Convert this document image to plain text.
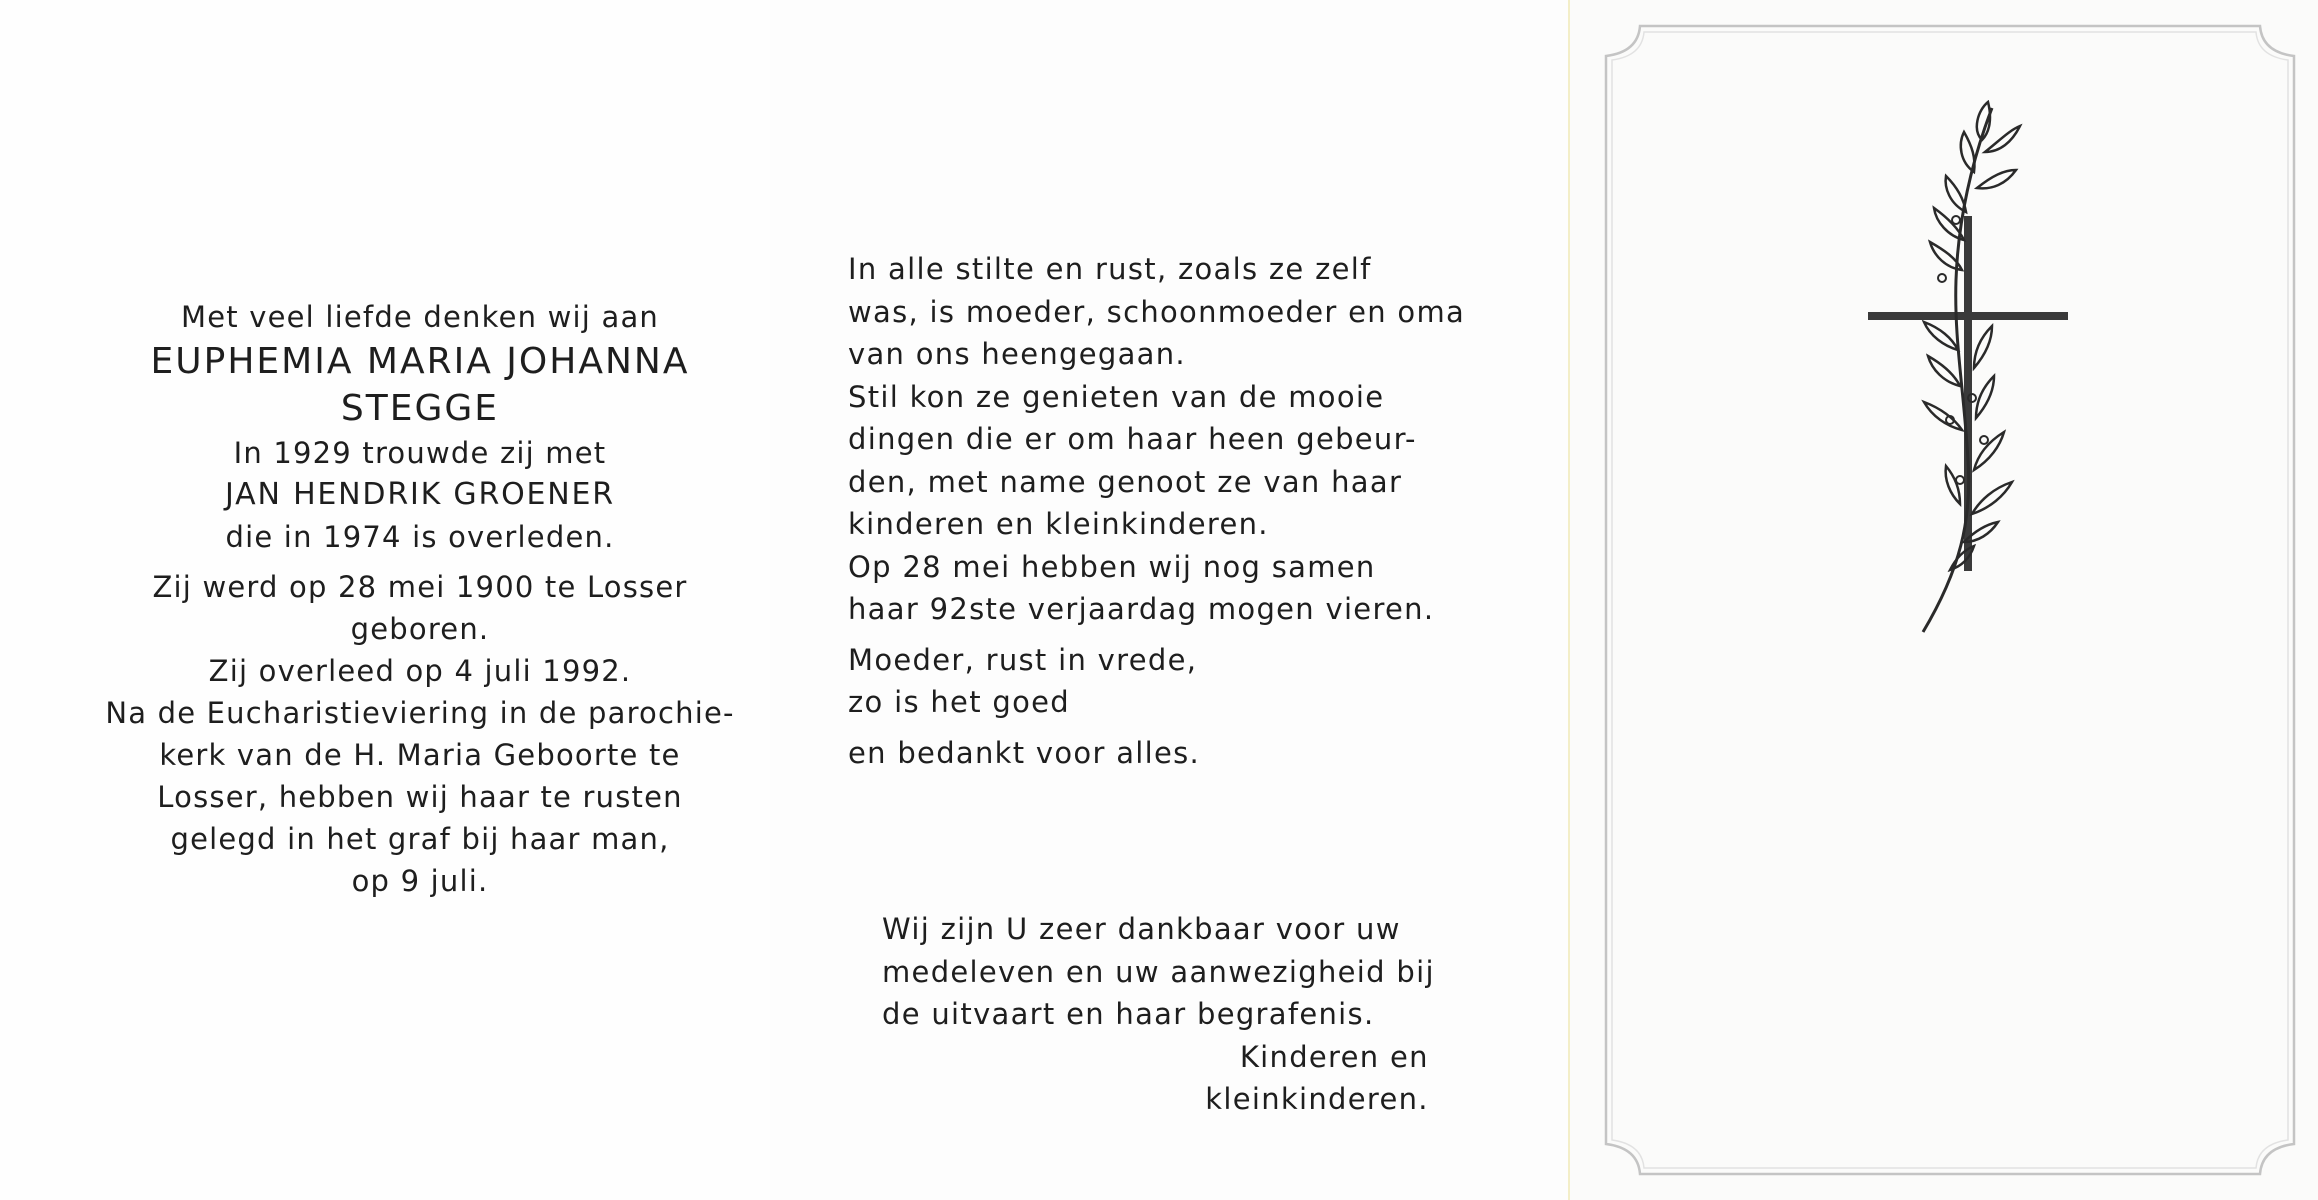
Met veel liefde denken wij aan

EUPHEMIA MARIA JOHANNA

STEGGE

In 1929 trouwde zij met

JAN HENDRIK GROENER

die in 1974 is overleden.

Zij werd op 28 mei 1900 te Losser

geboren.

Zij overleed op 4 juli 1992.

Na de Eucharistieviering in de parochie-

kerk van de H. Maria Geboorte te

Losser, hebben wij haar te rusten

gelegd in het graf bij haar man,

op 9 juli.

In alle stilte en rust, zoals ze zelf

was, is moeder, schoonmoeder en oma

van ons heengegaan.

Stil kon ze genieten van de mooie

dingen die er om haar heen gebeur-

den, met name genoot ze van haar

kinderen en kleinkinderen.

Op 28 mei hebben wij nog samen

haar 92ste verjaardag mogen vieren.

Moeder, rust in vrede,

zo is het goed

en bedankt voor alles.

Wij zijn U zeer dankbaar voor uw

medeleven en uw aanwezigheid bij

de uitvaart en haar begrafenis.

Kinderen en

kleinkinderen.
